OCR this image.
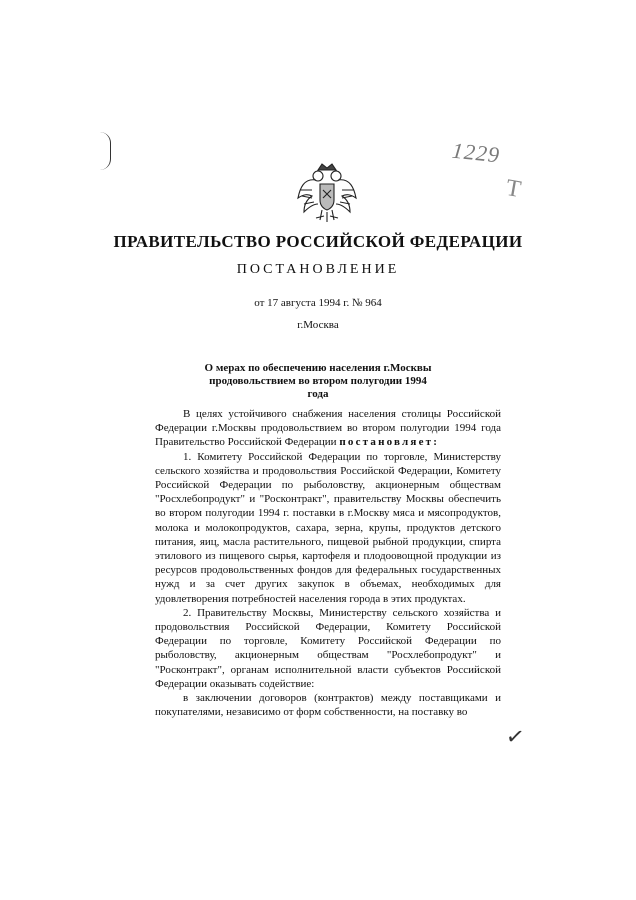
1229
Т
✓
ПРАВИТЕЛЬСТВО РОССИЙСКОЙ ФЕДЕРАЦИИ
ПОСТАНОВЛЕНИЕ
от 17 августа 1994 г. № 964
г.Москва
О мерах по обеспечению населения г.Москвы
продовольствием во втором полугодии 1994 года

В целях устойчивого снабжения населения столицы Российской Федерации г.Москвы продовольствием во втором полугодии 1994 года Правительство Российской Федерации постановляет:

1. Комитету Российской Федерации по торговле, Министерству сельского хозяйства и продовольствия Российской Федерации, Комитету Российской Федерации по рыболовству, акционерным обществам "Росхлебопродукт" и "Росконтракт", правительству Москвы обеспечить во втором полугодии 1994 г. поставки в г.Москву мяса и мясопродуктов, молока и молокопродуктов, сахара, зерна, крупы, продуктов детского питания, яиц, масла растительного, пищевой рыбной продукции, спирта этилового из пищевого сырья, картофеля и плодоовощной продукции из ресурсов продовольственных фондов для федеральных государственных нужд и за счет других закупок в объемах, необходимых для удовлетворения потребностей населения города в этих продуктах.

2. Правительству Москвы, Министерству сельского хозяйства и продовольствия Российской Федерации, Комитету Российской Федерации по торговле, Комитету Российской Федерации по рыболовству, акционерным обществам "Росхлебопродукт" и "Росконтракт", органам исполнительной власти субъектов Российской Федерации оказывать содействие:

в заключении договоров (контрактов) между поставщиками и покупателями, независимо от форм собственности, на поставку во
